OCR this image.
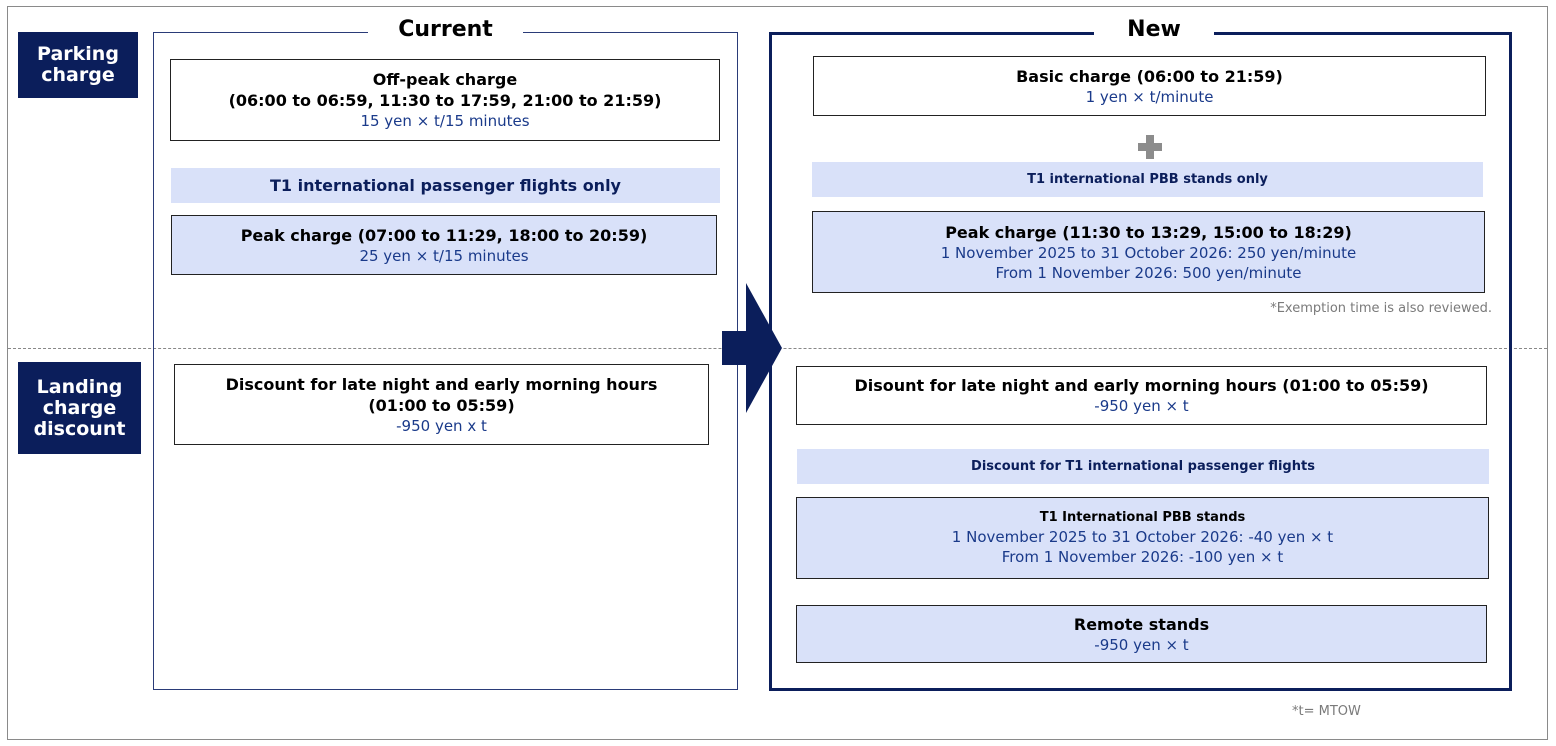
Parking
charge
Landing
charge
discount
Current
Off-peak charge
(06:00 to 06:59, 11:30 to 17:59, 21:00 to 21:59)
15 yen × t/15 minutes
T1 international passenger flights only
Peak charge (07:00 to 11:29, 18:00 to 20:59)
25 yen × t/15 minutes
Discount for late night and early morning hours
(01:00 to 05:59)
-950 yen x t
New
Basic charge (06:00 to 21:59)
1 yen × t/minute
T1 international PBB stands only
Peak charge (11:30 to 13:29, 15:00 to 18:29)
1 November 2025 to 31 October 2026: 250 yen/minute
From 1 November 2026: 500 yen/minute
*Exemption time is also reviewed.
Disount for late night and early morning hours (01:00 to 05:59)
-950 yen × t
Discount for T1 international passenger flights
T1 International PBB stands
1 November 2025 to 31 October 2026: -40 yen × t
From 1 November 2026: -100 yen × t
Remote stands
-950 yen × t
*t= MTOW
